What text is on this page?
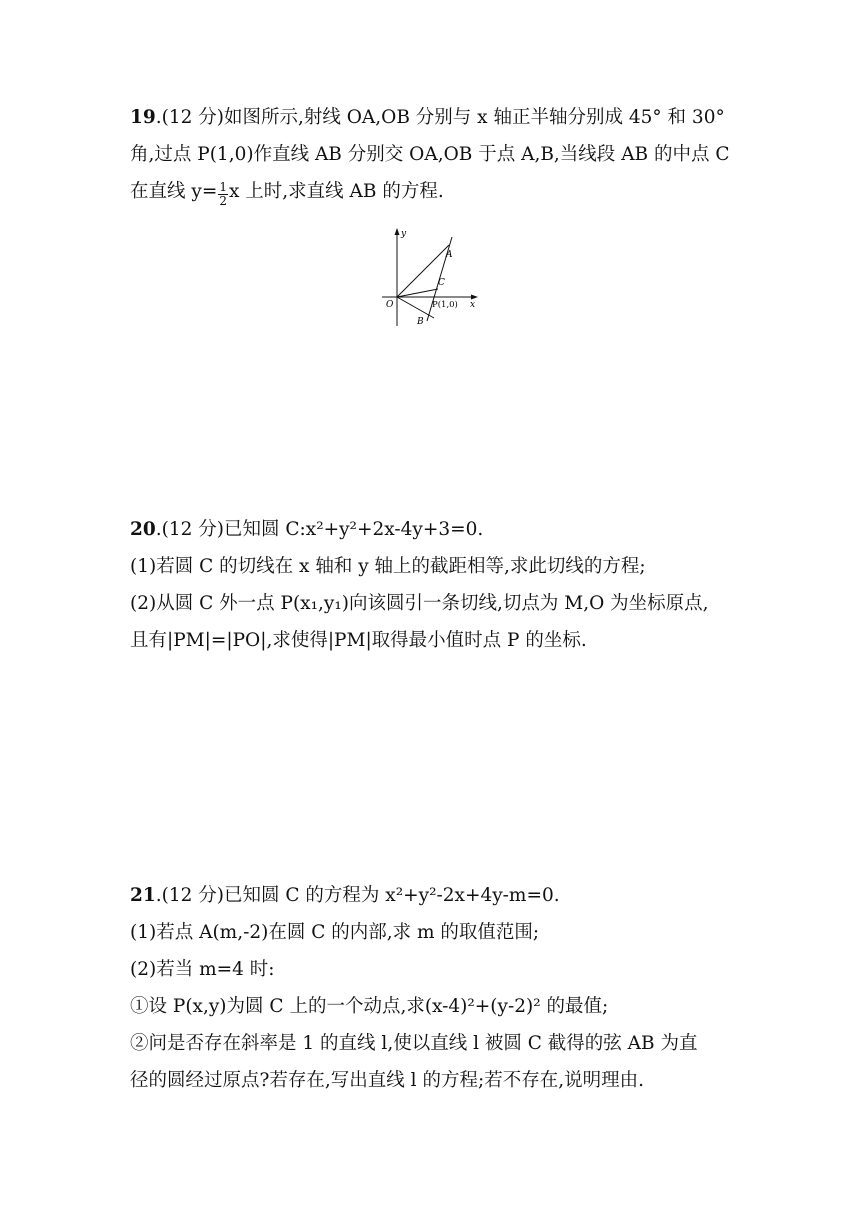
19.(12 分)如图所示,射线 OA,OB 分别与 x 轴正半轴分别成 45° 和 30°
角,过点 P(1,0)作直线 AB 分别交 OA,OB 于点 A,B,当线段 AB 的中点 C
在直线 $y= \frac{1}{2}$ x 上时,求直线 AB 的方程.
y
x
O
A
C
B
P(1,0)
20.(12 分)已知圆 C:x²+y²+2x-4y+3=0.
(1)若圆 C 的切线在 x 轴和 y 轴上的截距相等,求此切线的方程;
(2)从圆 C 外一点 P(x₁,y₁)向该圆引一条切线,切点为 M,O 为坐标原点,
且有|PM|=|PO|,求使得|PM|取得最小值时点 P 的坐标.
21.(12 分)已知圆 C 的方程为 x²+y²-2x+4y-m=0.
(1)若点 A(m,-2)在圆 C 的内部,求 m 的取值范围;
(2)若当 m=4 时:
①设 P(x,y)为圆 C 上的一个动点,求(x-4)²+(y-2)² 的最值;
②问是否存在斜率是 1 的直线 l,使以直线 l 被圆 C 截得的弦 AB 为直
径的圆经过原点?若存在,写出直线 l 的方程;若不存在,说明理由.
